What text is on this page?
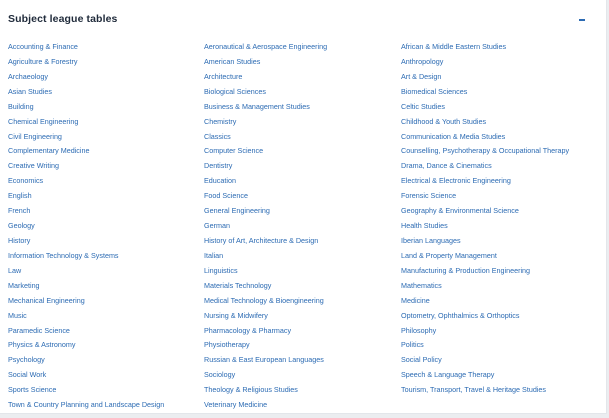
Subject league tables
Accounting & Finance
Agriculture & Forestry
Archaeology
Asian Studies
Building
Chemical Engineering
Civil Engineering
Complementary Medicine
Creative Writing
Economics
English
French
Geology
History
Information Technology & Systems
Law
Marketing
Mechanical Engineering
Music
Paramedic Science
Physics & Astronomy
Psychology
Social Work
Sports Science
Town & Country Planning and Landscape Design
Aeronautical & Aerospace Engineering
American Studies
Architecture
Biological Sciences
Business & Management Studies
Chemistry
Classics
Computer Science
Dentistry
Education
Food Science
General Engineering
German
History of Art, Architecture & Design
Italian
Linguistics
Materials Technology
Medical Technology & Bioengineering
Nursing & Midwifery
Pharmacology & Pharmacy
Physiotherapy
Russian & East European Languages
Sociology
Theology & Religious Studies
Veterinary Medicine
African & Middle Eastern Studies
Anthropology
Art & Design
Biomedical Sciences
Celtic Studies
Childhood & Youth Studies
Communication & Media Studies
Counselling, Psychotherapy & Occupational Therapy
Drama, Dance & Cinematics
Electrical & Electronic Engineering
Forensic Science
Geography & Environmental Science
Health Studies
Iberian Languages
Land & Property Management
Manufacturing & Production Engineering
Mathematics
Medicine
Optometry, Ophthalmics & Orthoptics
Philosophy
Politics
Social Policy
Speech & Language Therapy
Tourism, Transport, Travel & Heritage Studies
